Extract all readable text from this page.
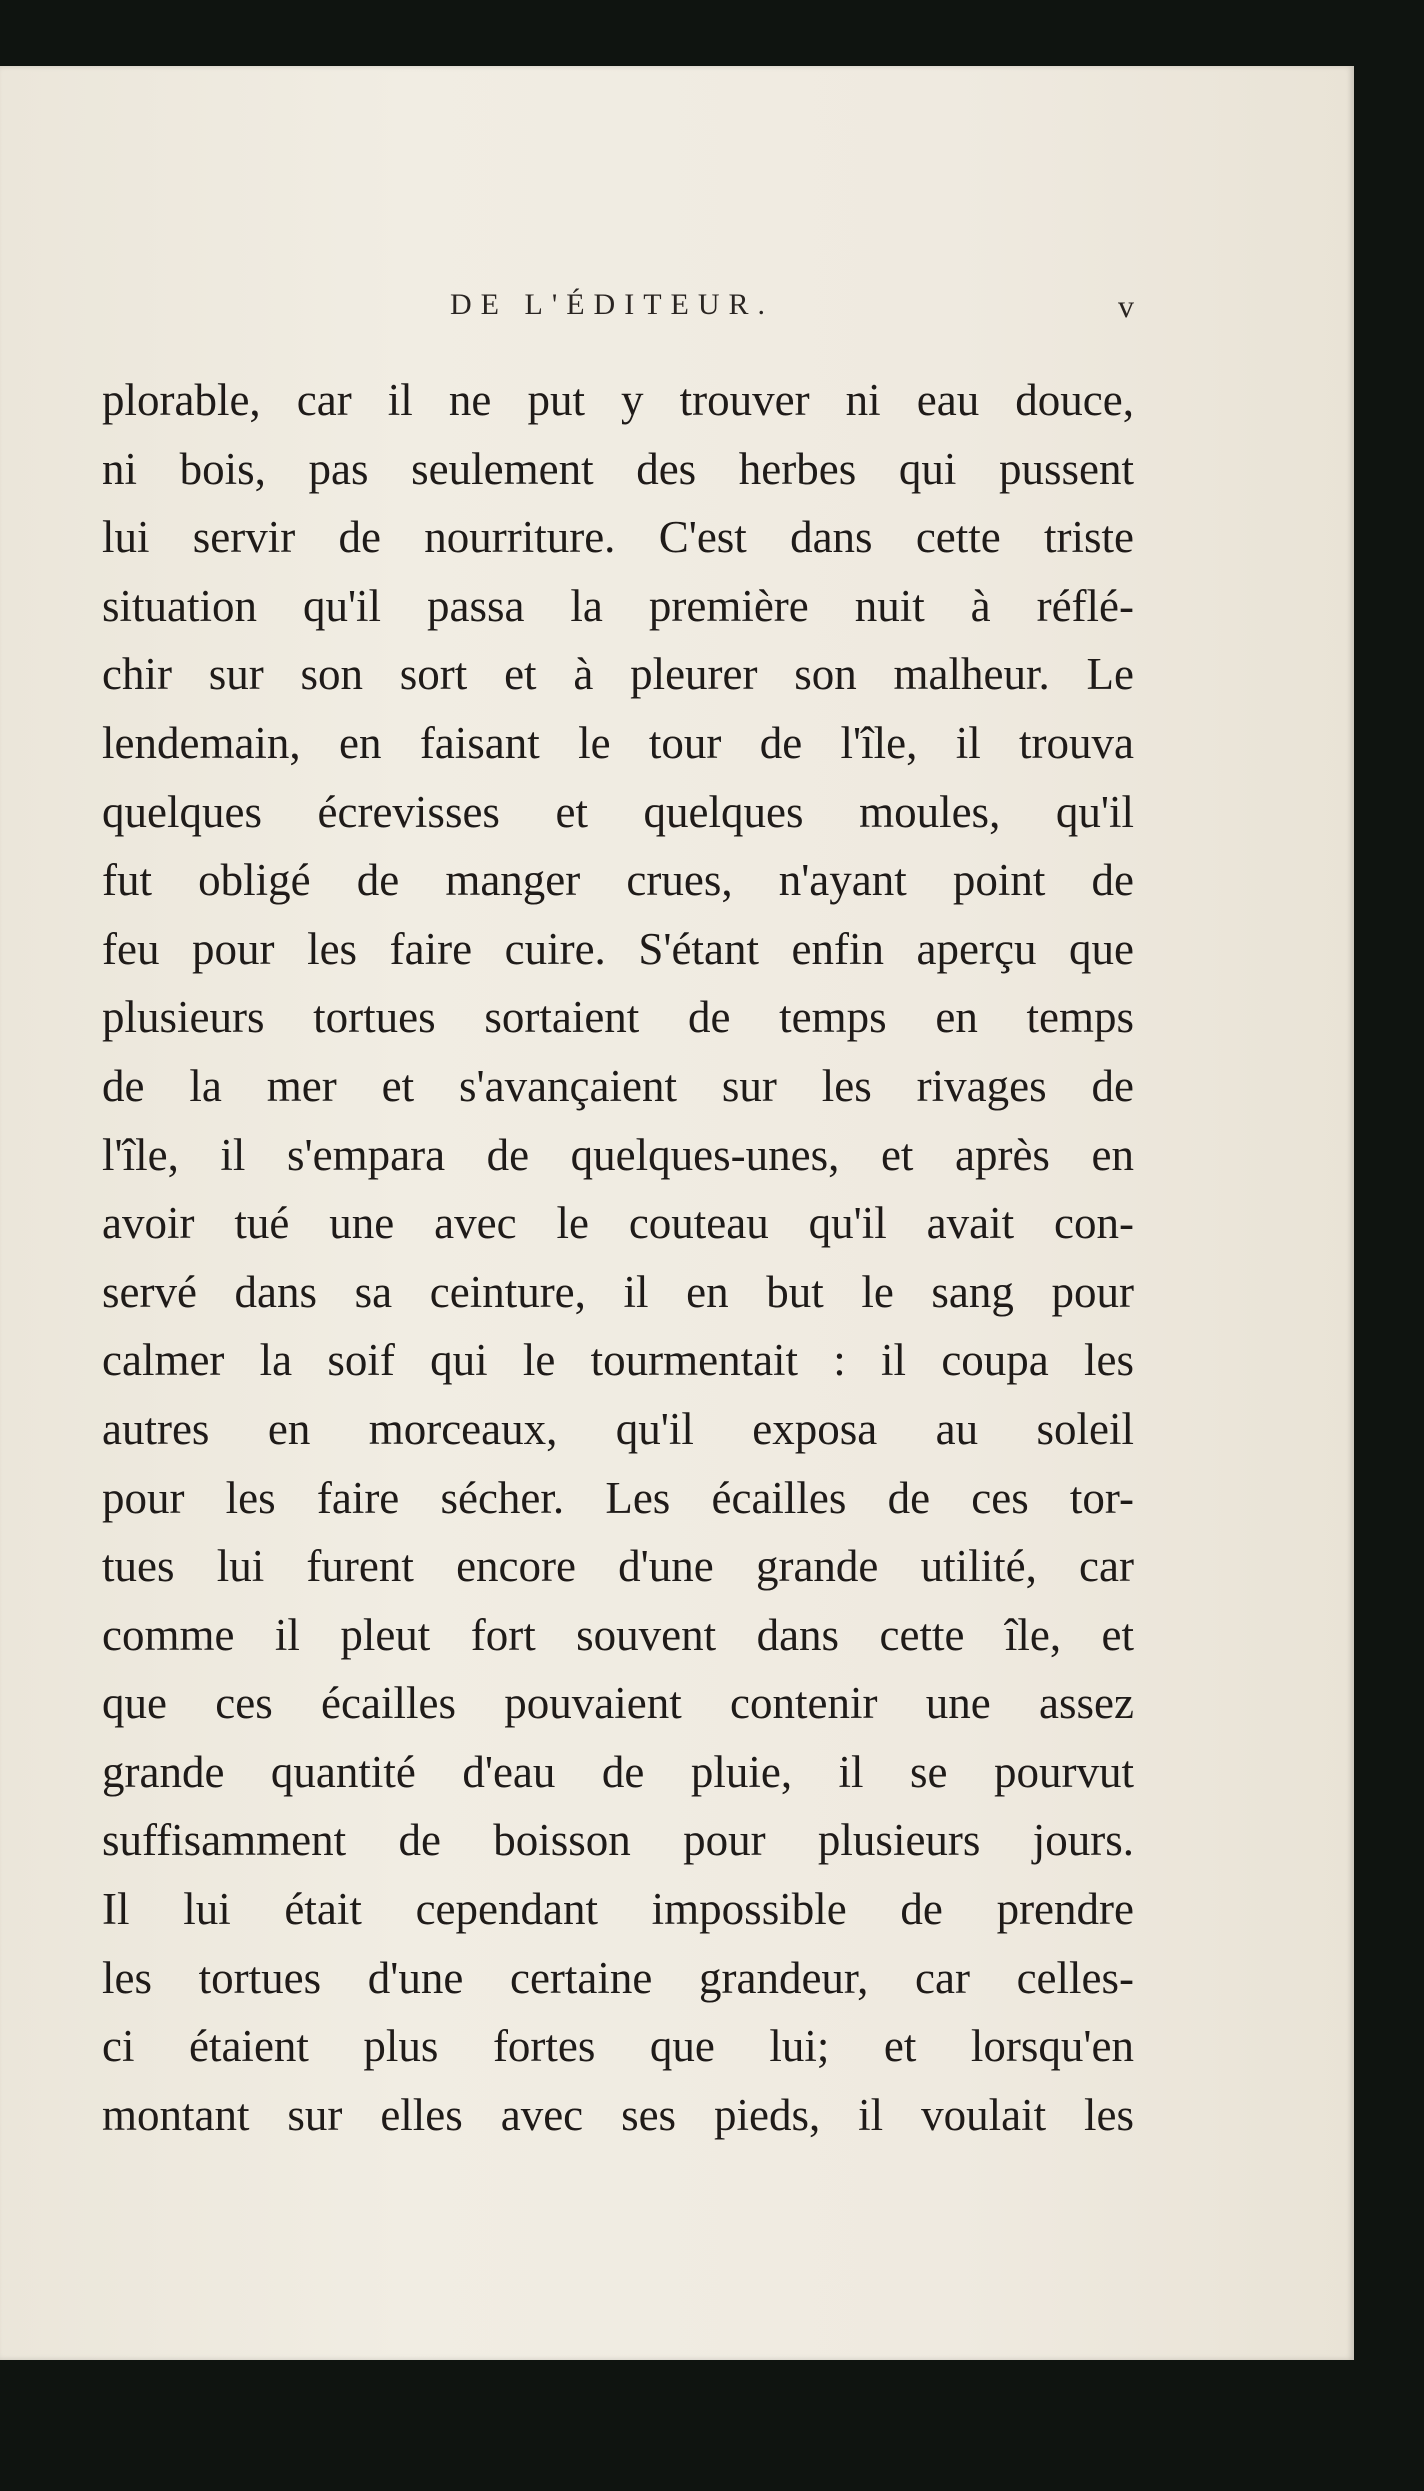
DE L'ÉDITEUR.	v
plorable, car il ne put y trouver ni eau douce,
ni bois, pas seulement des herbes qui pussent
lui servir de nourriture. C'est dans cette triste
situation qu'il passa la première nuit à réflé-
chir sur son sort et à pleurer son malheur. Le
lendemain, en faisant le tour de l'île, il trouva
quelques écrevisses et quelques moules, qu'il
fut obligé de manger crues, n'ayant point de
feu pour les faire cuire. S'étant enfin aperçu que
plusieurs tortues sortaient de temps en temps
de la mer et s'avançaient sur les rivages de
l'île, il s'empara de quelques-unes, et après en
avoir tué une avec le couteau qu'il avait con-
servé dans sa ceinture, il en but le sang pour
calmer la soif qui le tourmentait : il coupa les
autres en morceaux, qu'il exposa au soleil
pour les faire sécher. Les écailles de ces tor-
tues lui furent encore d'une grande utilité, car
comme il pleut fort souvent dans cette île, et
que ces écailles pouvaient contenir une assez
grande quantité d'eau de pluie, il se pourvut
suffisamment de boisson pour plusieurs jours.
Il lui était cependant impossible de prendre
les tortues d'une certaine grandeur, car celles-
ci étaient plus fortes que lui; et lorsqu'en
montant sur elles avec ses pieds, il voulait les
